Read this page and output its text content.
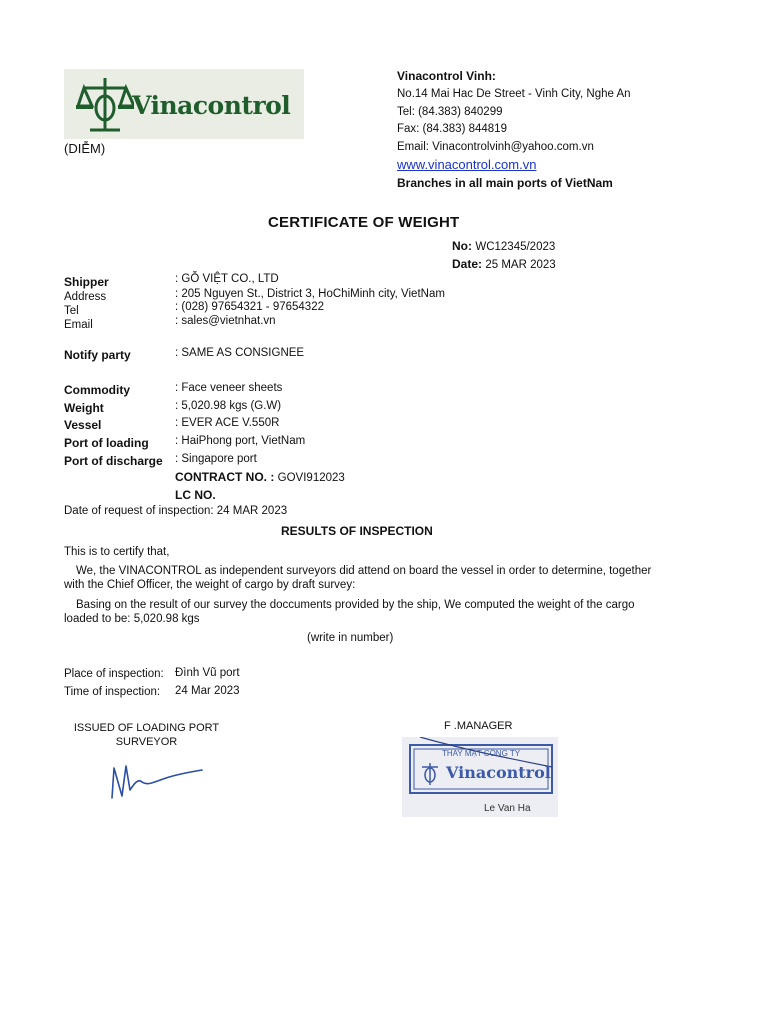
Vinacontrol
(DIỄM)
Vinacontrol Vinh:
No.14 Mai Hac De Street - Vinh City, Nghe An
Tel: (84.383) 840299
Fax: (84.383) 844819
Email: Vinacontrolvinh@yahoo.com.vn
www.vinacontrol.com.vn
Branches in all main ports of VietNam
CERTIFICATE OF WEIGHT
No: WC12345/2023
Date: 25 MAR 2023
Shipper	: GỖ VIỆT CO., LTD
Address	: 205 Nguyen St., District 3, HoChiMinh city, VietNam
Tel	: (028) 97654321 - 97654322
Email	: sales@vietnhat.vn
Notify party	: SAME AS CONSIGNEE
Commodity	: Face veneer sheets
Weight	: 5,020.98 kgs (G.W)
Vessel	: EVER ACE V.550R
Port of loading : HaiPhong port, VietNam
Port of discharge : Singapore port
CONTRACT NO. : GOVI912023
LC NO.
Date of request of inspection: 24 MAR 2023
RESULTS OF INSPECTION
This is to certify that,
We, the VINACONTROL as independent surveyors did attend on board the vessel in order to determine, together with the Chief Officer, the weight of cargo by draft survey:
Basing on the result of our survey the doccuments provided by the ship, We computed the weight of the cargo loaded to be: 5,020.98 kgs
(write in number)
Place of inspection: Đình Vũ port
Time of inspection: 24 Mar 2023
ISSUED OF LOADING PORT
SURVEYOR
F .MANAGER
THAY MẶT CÔNG TY
Vinacontrol
Le Van Ha
